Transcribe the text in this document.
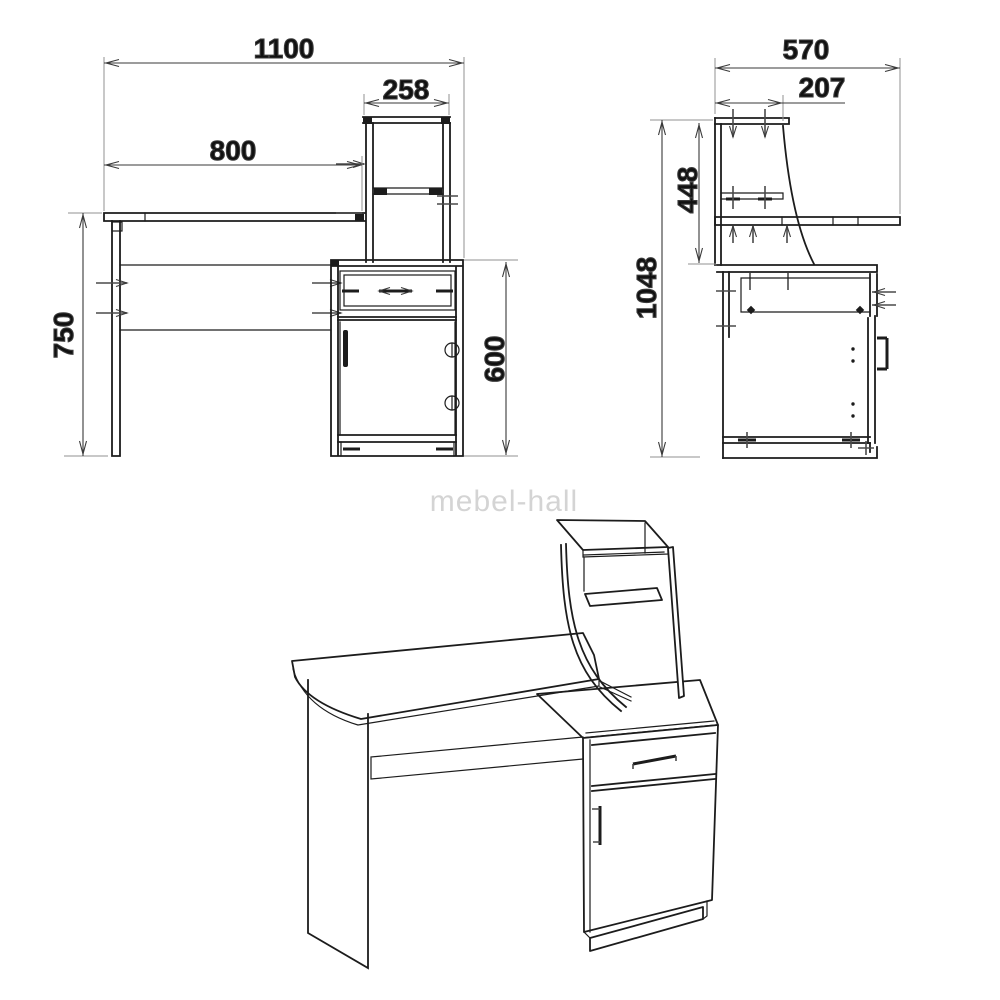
1100
800
258
750
600
570
207
448
1048
mebel-hall
